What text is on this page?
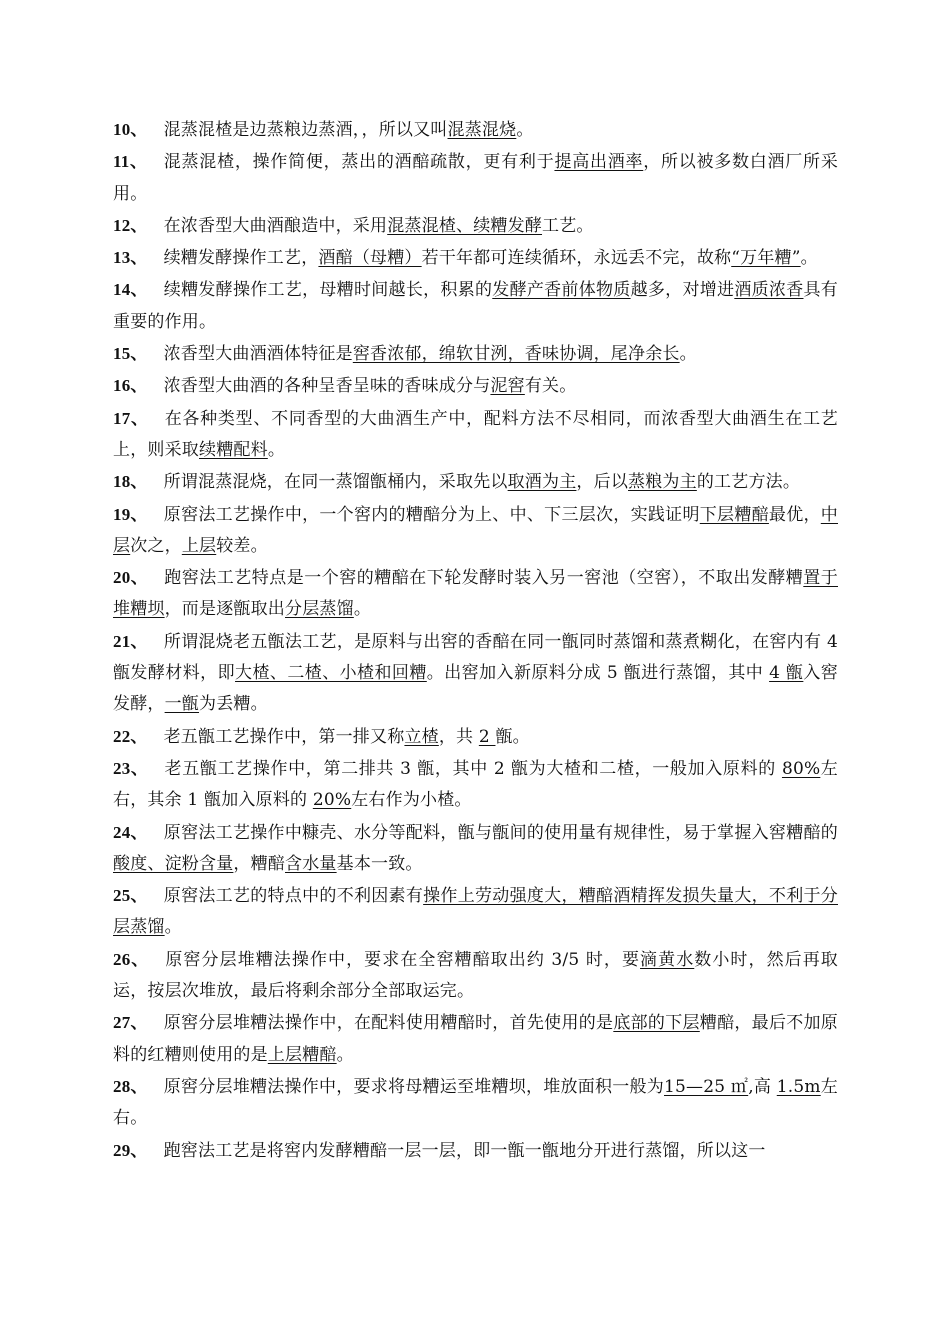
10、 混蒸混楂是边蒸粮边蒸酒，，所以又叫混蒸混烧。

11、 混蒸混楂，操作简便，蒸出的酒醅疏散，更有利于提高出酒率，所以被多数白酒厂所采用。

12、 在浓香型大曲酒酿造中，采用混蒸混楂、续糟发酵工艺。

13、 续糟发酵操作工艺，酒醅（母糟）若干年都可连续循环，永远丢不完，故称“万年糟”。

14、 续糟发酵操作工艺，母糟时间越长，积累的发酵产香前体物质越多，对增进酒质浓香具有重要的作用。

15、 浓香型大曲酒酒体特征是窖香浓郁，绵软甘洌，香味协调，尾净余长。

16、 浓香型大曲酒的各种呈香呈味的香味成分与泥窖有关。

17、 在各种类型、不同香型的大曲酒生产中，配料方法不尽相同，而浓香型大曲酒生在工艺上，则采取续糟配料。

18、 所谓混蒸混烧，在同一蒸馏甑桶内，采取先以取酒为主，后以蒸粮为主的工艺方法。

19、 原窖法工艺操作中，一个窖内的糟醅分为上、中、下三层次，实践证明下层糟醅最优，中层次之，上层较差。

20、 跑窖法工艺特点是一个窖的糟醅在下轮发酵时装入另一窖池（空窖），不取出发酵糟置于堆糟坝，而是逐甑取出分层蒸馏。

21、 所谓混烧老五甑法工艺，是原料与出窖的香醅在同一甑同时蒸馏和蒸煮糊化，在窖内有 4 甑发酵材料，即大楂、二楂、小楂和回糟。出窖加入新原料分成 5 甑进行蒸馏，其中 4 甑入窖发酵，一甑为丢糟。

22、 老五甑工艺操作中，第一排又称立楂，共 2 甑。

23、 老五甑工艺操作中，第二排共 3 甑，其中 2 甑为大楂和二楂，一般加入原料的 80%左右，其余 1 甑加入原料的 20%左右作为小楂。

24、 原窖法工艺操作中糠壳、水分等配料，甑与甑间的使用量有规律性，易于掌握入窖糟醅的酸度、淀粉含量，糟醅含水量基本一致。

25、 原窖法工艺的特点中的不利因素有操作上劳动强度大，糟醅酒精挥发损失量大，不利于分层蒸馏。

26、 原窖分层堆糟法操作中，要求在全窖糟醅取出约 3/5 时，要滴黄水数小时，然后再取运，按层次堆放，最后将剩余部分全部取运完。

27、 原窖分层堆糟法操作中，在配料使用糟醅时，首先使用的是底部的下层糟醅，最后不加原料的红糟则使用的是上层糟醅。

28、 原窖分层堆糟法操作中，要求将母糟运至堆糟坝，堆放面积一般为15—25 ㎡,高 1.5m左右。

29、 跑窖法工艺是将窖内发酵糟醅一层一层，即一甑一甑地分开进行蒸馏，所以这一
